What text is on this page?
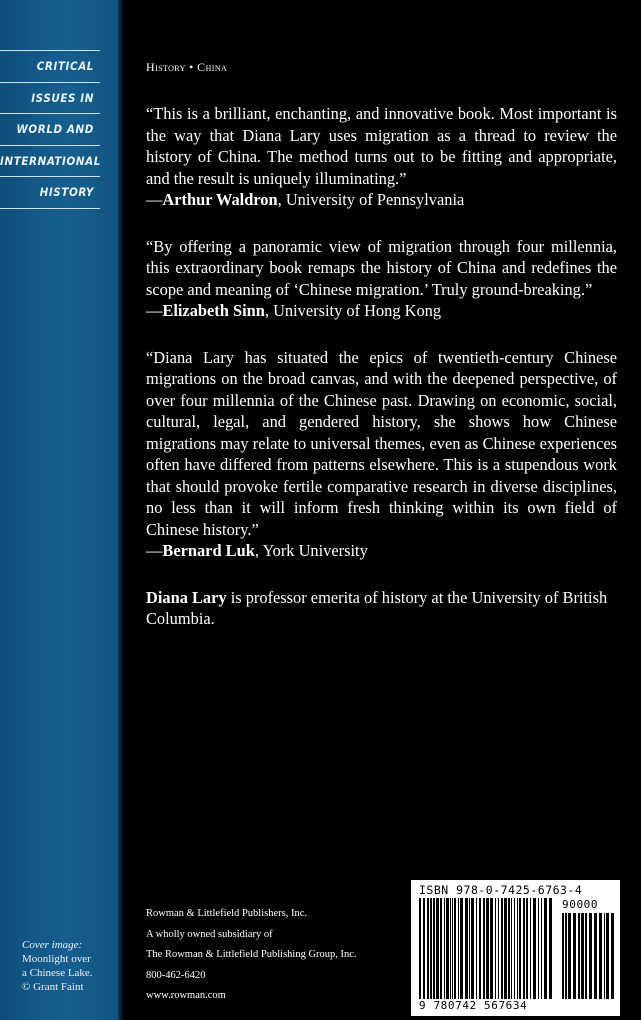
CRITICAL
ISSUES IN
WORLD AND
INTERNATIONAL
HISTORY
Cover image:
Moonlight over
a Chinese Lake.
© Grant Faint
History • China

“This is a brilliant, enchanting, and innovative book. Most important is the way that Diana Lary uses migration as a thread to review the history of China. The method turns out to be fitting and appropriate, and the result is uniquely illuminating.”

—Arthur Waldron, University of Pennsylvania

“By offering a panoramic view of migration through four millennia, this extraordinary book remaps the history of China and redefines the scope and meaning of ‘Chinese migration.’ Truly ground-breaking.”

—Elizabeth Sinn, University of Hong Kong

“Diana Lary has situated the epics of twentieth-century Chinese migrations on the broad canvas, and with the deepened perspective, of over four millennia of the Chinese past. Drawing on economic, social, cultural, legal, and gendered history, she shows how Chinese migrations may relate to universal themes, even as Chinese experiences often have differed from patterns elsewhere. This is a stupendous work that should provoke fertile comparative research in diverse disciplines, no less than it will inform fresh thinking within its own field of Chinese history.”

—Bernard Luk, York University

Diana Lary is professor emerita of history at the University of British Columbia.

Rowman & Littlefield Publishers, Inc.
A wholly owned subsidiary of
The Rowman & Littlefield Publishing Group, Inc.
800-462-6420
www.rowman.com
ISBN 978-0-7425-6763-4
90000
9 780742 567634
